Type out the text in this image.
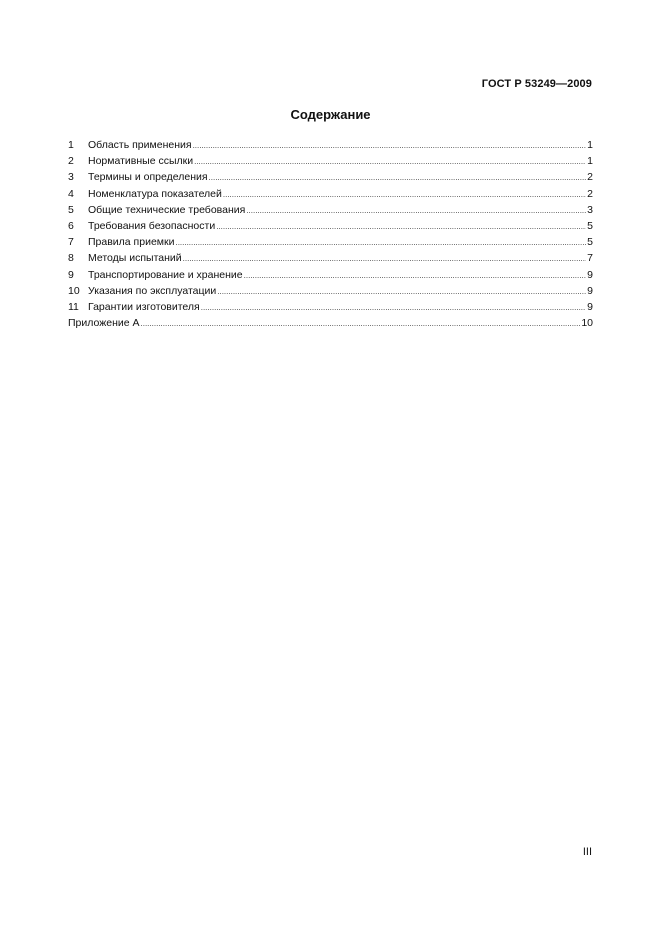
ГОСТ Р 53249—2009
Содержание
1	Область применения .....	1
2	Нормативные ссылки .....	1
3	Термины и определения .....	2
4	Номенклатура показателей .....	2
5	Общие технические требования .....	3
6	Требования безопасности .....	5
7	Правила приемки .....	5
8	Методы испытаний .....	7
9	Транспортирование и хранение .....	9
10 Указания по эксплуатации .....	9
11 Гарантии изготовителя .....	9
Приложение А .....	10
III
